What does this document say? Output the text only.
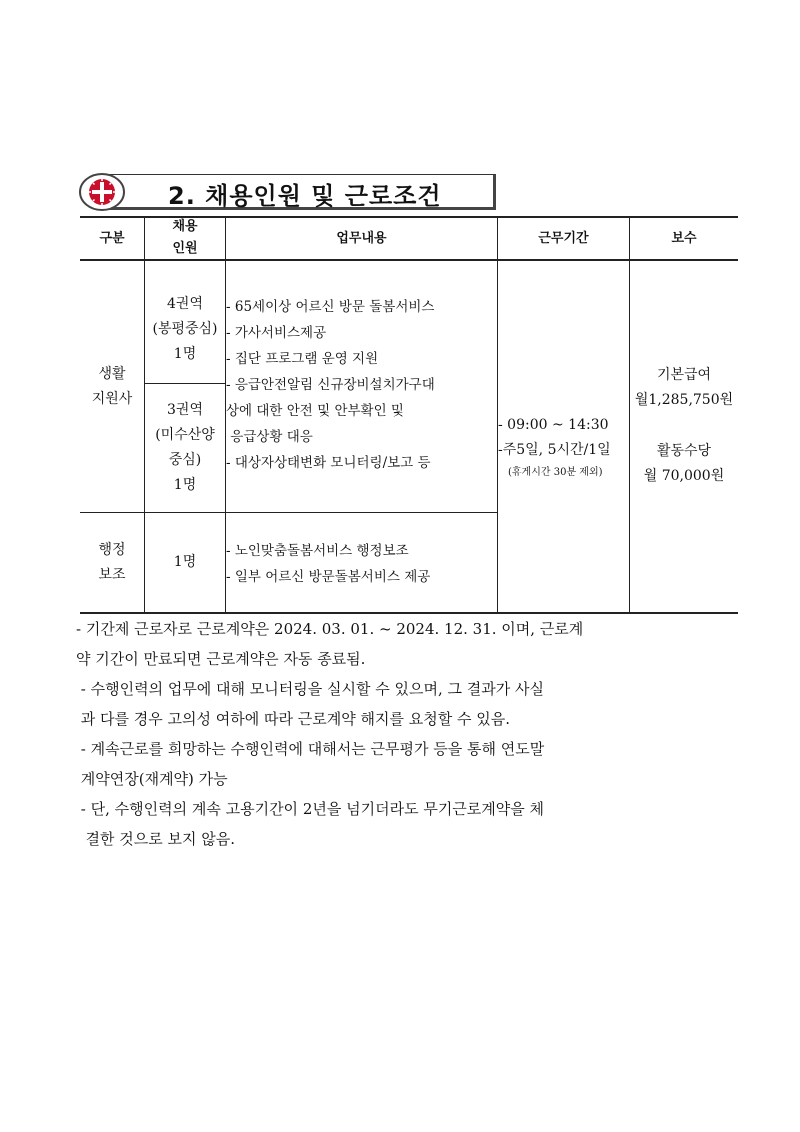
2. 채용인원 및 근로조건
구분
채용
인원
업무내용	근무기간	보수
생활
지원사
4권역
(봉평중심)
1명
3권역
(미수산양
중심)
1명
- 65세이상 어르신 방문 돌봄서비스
- 가사서비스제공
- 집단 프로그램 운영 지원
- 응급안전알림 신규장비설치가구대
상에 대한 안전 및 안부확인 및
응급상황 대응
- 대상자상태변화 모니터링/보고 등
- 09:00 ~ 14:30
-주5일, 5시간/1일
(휴게시간 30분 제외)
기본급여
월1,285,750원
활동수당
월 70,000원
행정
보조
1명
- 노인맞춤돌봄서비스 행정보조
- 일부 어르신 방문돌봄서비스 제공

- 기간제 근로자로 근로계약은 2024. 03. 01. ~ 2024. 12. 31. 이며, 근로계

약 기간이 만료되면 근로계약은 자동 종료됨.

- 수행인력의 업무에 대해 모니터링을 실시할 수 있으며, 그 결과가 사실

과 다를 경우 고의성 여하에 따라 근로계약 해지를 요청할 수 있음.

- 계속근로를 희망하는 수행인력에 대해서는 근무평가 등을 통해 연도말

계약연장(재계약) 가능

- 단, 수행인력의 계속 고용기간이 2년을 넘기더라도 무기근로계약을 체

결한 것으로 보지 않음.
